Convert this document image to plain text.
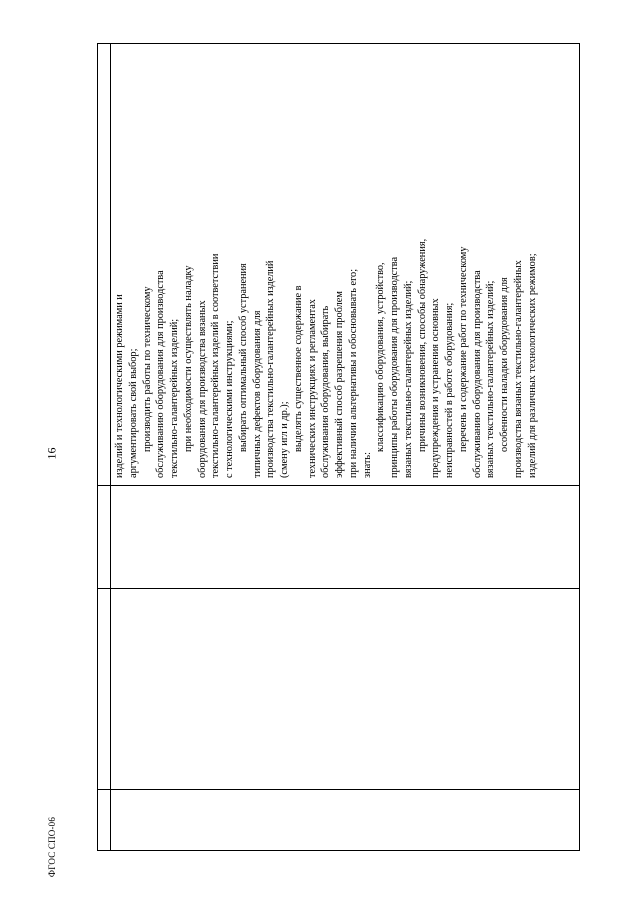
16
ФГОС СПО-06

изделий и технологическими режимами и аргументировать свой выбор; производить работы по техническому обслуживанию оборудования для производства текстильно-галантерейных изделий; при необходимости осуществлять наладку оборудования для производства вязаных текстильно-галантерейных изделий в соответствии с технологическими инструкциями; выбирать оптимальный способ устранения типичных дефектов оборудования для производства текстильно-галантерейных изделий (смену игл и др.); выделять существенное содержание в технических инструкциях и регламентах обслуживания оборудования, выбирать эффективный способ разрешения проблем при наличии альтернативы и обосновывать его; знать:

классификацию оборудования, устройство, принципы работы оборудования для производства вязаных текстильно-галантерейных изделий; причины возникновения, способы обнаружения, предупреждения и устранения основных неисправностей в работе оборудования; перечень и содержание работ по техническому обслуживанию оборудования для производства вязаных текстильно-галантерейных изделий; особенности наладки оборудования для производства вязаных текстильно-галантерейных изделий для различных технологических режимов;
